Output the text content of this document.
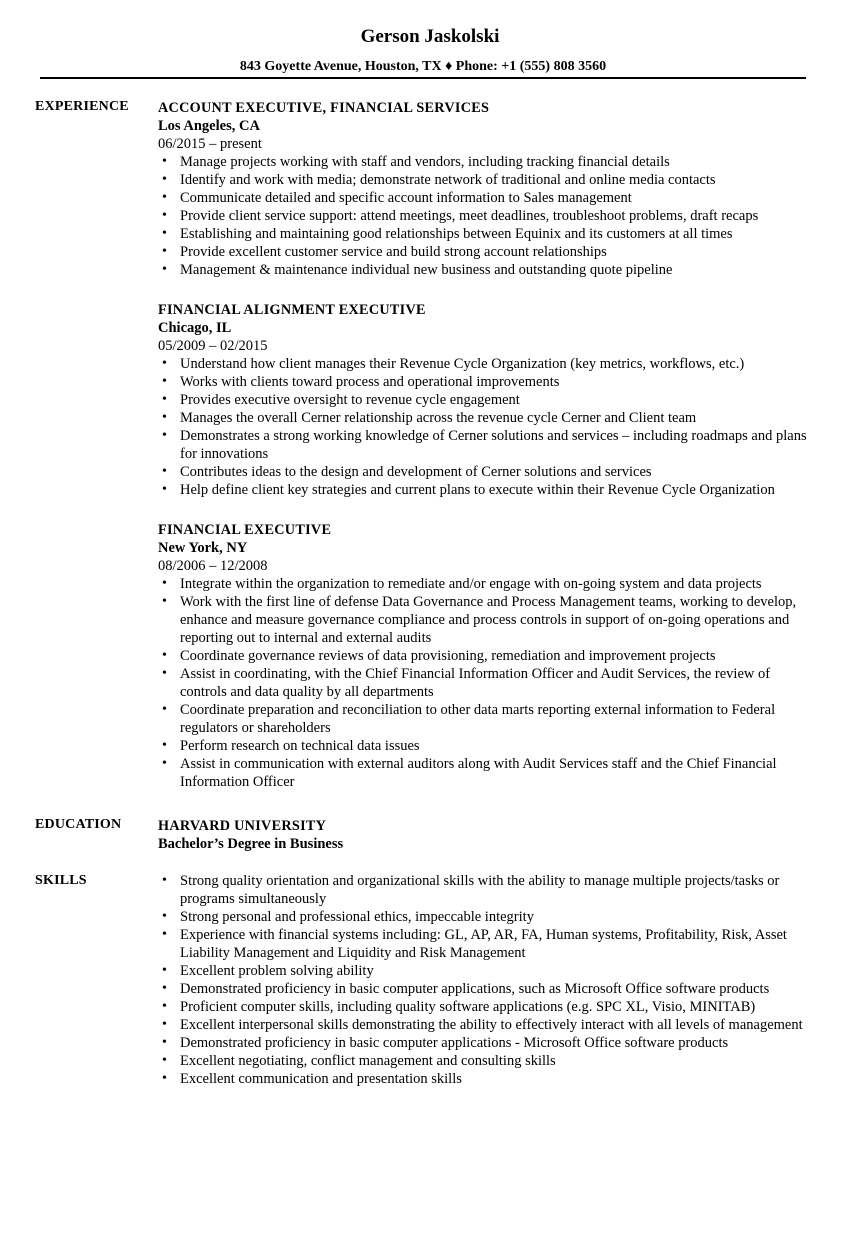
Gerson Jaskolski
843 Goyette Avenue, Houston, TX ♦ Phone: +1 (555) 808 3560
EXPERIENCE ACCOUNT EXECUTIVE, FINANCIAL SERVICES
Los Angeles, CA
06/2015 – present
• Manage projects working with staff and vendors, including tracking financial details
• Identify and work with media; demonstrate network of traditional and online media contacts
• Communicate detailed and specific account information to Sales management
• Provide client service support: attend meetings, meet deadlines, troubleshoot problems, draft recaps
• Establishing and maintaining good relationships between Equinix and its customers at all times
• Provide excellent customer service and build strong account relationships
• Management & maintenance individual new business and outstanding quote pipeline
FINANCIAL ALIGNMENT EXECUTIVE
Chicago, IL
05/2009 – 02/2015
• Understand how client manages their Revenue Cycle Organization (key metrics, workflows, etc.)
• Works with clients toward process and operational improvements
• Provides executive oversight to revenue cycle engagement
• Manages the overall Cerner relationship across the revenue cycle Cerner and Client team
• Demonstrates a strong working knowledge of Cerner solutions and services – including roadmaps and plans for innovations
• Contributes ideas to the design and development of Cerner solutions and services
• Help define client key strategies and current plans to execute within their Revenue Cycle Organization
FINANCIAL EXECUTIVE
New York, NY
08/2006 – 12/2008
• Integrate within the organization to remediate and/or engage with on-going system and data projects
• Work with the first line of defense Data Governance and Process Management teams, working to develop, enhance and measure governance compliance and process controls in support of on-going operations and reporting out to internal and external audits
• Coordinate governance reviews of data provisioning, remediation and improvement projects
• Assist in coordinating, with the Chief Financial Information Officer and Audit Services, the review of controls and data quality by all departments
• Coordinate preparation and reconciliation to other data marts reporting external information to Federal regulators or shareholders
• Perform research on technical data issues
• Assist in communication with external auditors along with Audit Services staff and the Chief Financial Information Officer
EDUCATION	HARVARD UNIVERSITY
Bachelor’s Degree in Business
SKILLS
•	Strong quality orientation and organizational skills with the ability to manage multiple projects/tasks or programs simultaneously
• Strong personal and professional ethics, impeccable integrity
• Experience with financial systems including: GL, AP, AR, FA, Human systems, Profitability, Risk, Asset Liability Management and Liquidity and Risk Management
• Excellent problem solving ability
• Demonstrated proficiency in basic computer applications, such as Microsoft Office software products
• Proficient computer skills, including quality software applications (e.g. SPC XL, Visio, MINITAB)
• Excellent interpersonal skills demonstrating the ability to effectively interact with all levels of management
• Demonstrated proficiency in basic computer applications - Microsoft Office software products
• Excellent negotiating, conflict management and consulting skills
• Excellent communication and presentation skills
